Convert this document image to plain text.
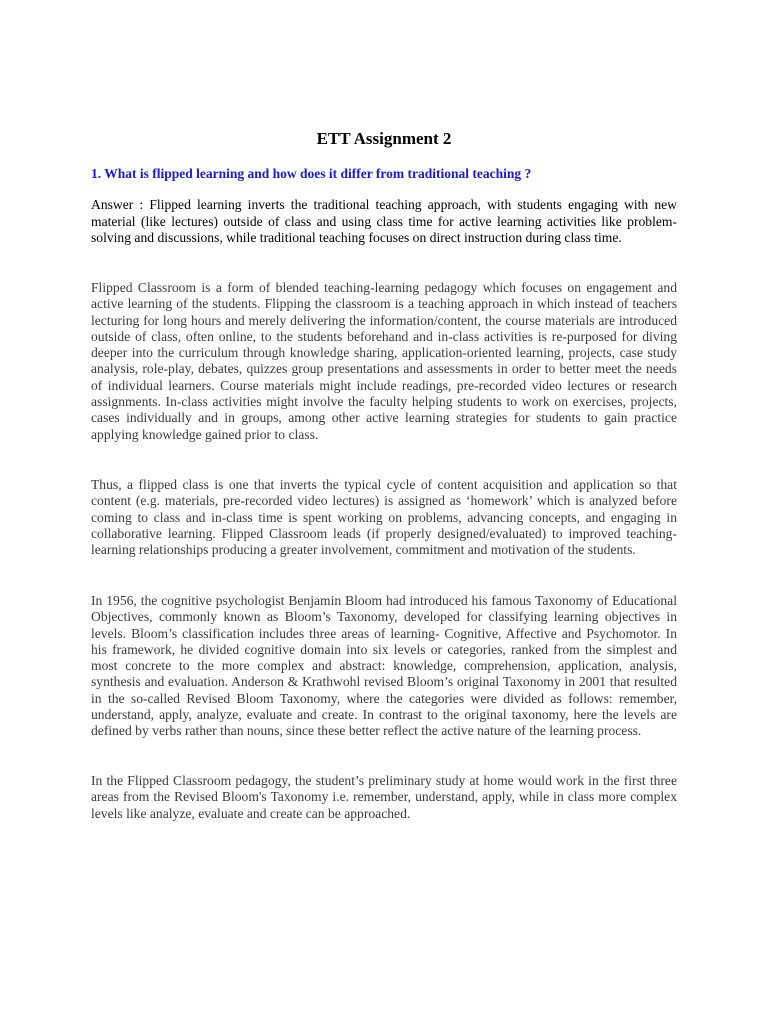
ETT Assignment 2
1. What is flipped learning and how does it differ from traditional teaching ?

Answer : Flipped learning inverts the traditional teaching approach, with students engaging with new material (like lectures) outside of class and using class time for active learning activities like problem-solving and discussions, while traditional teaching focuses on direct instruction during class time.

Flipped Classroom is a form of blended teaching-learning pedagogy which focuses on engagement and active learning of the students. Flipping the classroom is a teaching approach in which instead of teachers lecturing for long hours and merely delivering the information/content, the course materials are introduced outside of class, often online, to the students beforehand and in-class activities is re-purposed for diving deeper into the curriculum through knowledge sharing, application-oriented learning, projects, case study analysis, role-play, debates, quizzes group presentations and assessments in order to better meet the needs of individual learners. Course materials might include readings, pre-recorded video lectures or research assignments. In-class activities might involve the faculty helping students to work on exercises, projects, cases individually and in groups, among other active learning strategies for students to gain practice applying knowledge gained prior to class.

Thus, a flipped class is one that inverts the typical cycle of content acquisition and application so that content (e.g. materials, pre-recorded video lectures) is assigned as ‘homework’ which is analyzed before coming to class and in-class time is spent working on problems, advancing concepts, and engaging in collaborative learning. Flipped Classroom leads (if properly designed/evaluated) to improved teaching-learning relationships producing a greater involvement, commitment and motivation of the students.

In 1956, the cognitive psychologist Benjamin Bloom had introduced his famous Taxonomy of Educational Objectives, commonly known as Bloom’s Taxonomy, developed for classifying learning objectives in levels. Bloom’s classification includes three areas of learning- Cognitive, Affective and Psychomotor. In his framework, he divided cognitive domain into six levels or categories, ranked from the simplest and most concrete to the more complex and abstract: knowledge, comprehension, application, analysis, synthesis and evaluation. Anderson & Krathwohl revised Bloom’s original Taxonomy in 2001 that resulted in the so-called Revised Bloom Taxonomy, where the categories were divided as follows: remember, understand, apply, analyze, evaluate and create. In contrast to the original taxonomy, here the levels are defined by verbs rather than nouns, since these better reflect the active nature of the learning process.

In the Flipped Classroom pedagogy, the student’s preliminary study at home would work in the first three areas from the Revised Bloom's Taxonomy i.e. remember, understand, apply, while in class more complex levels like analyze, evaluate and create can be approached.
